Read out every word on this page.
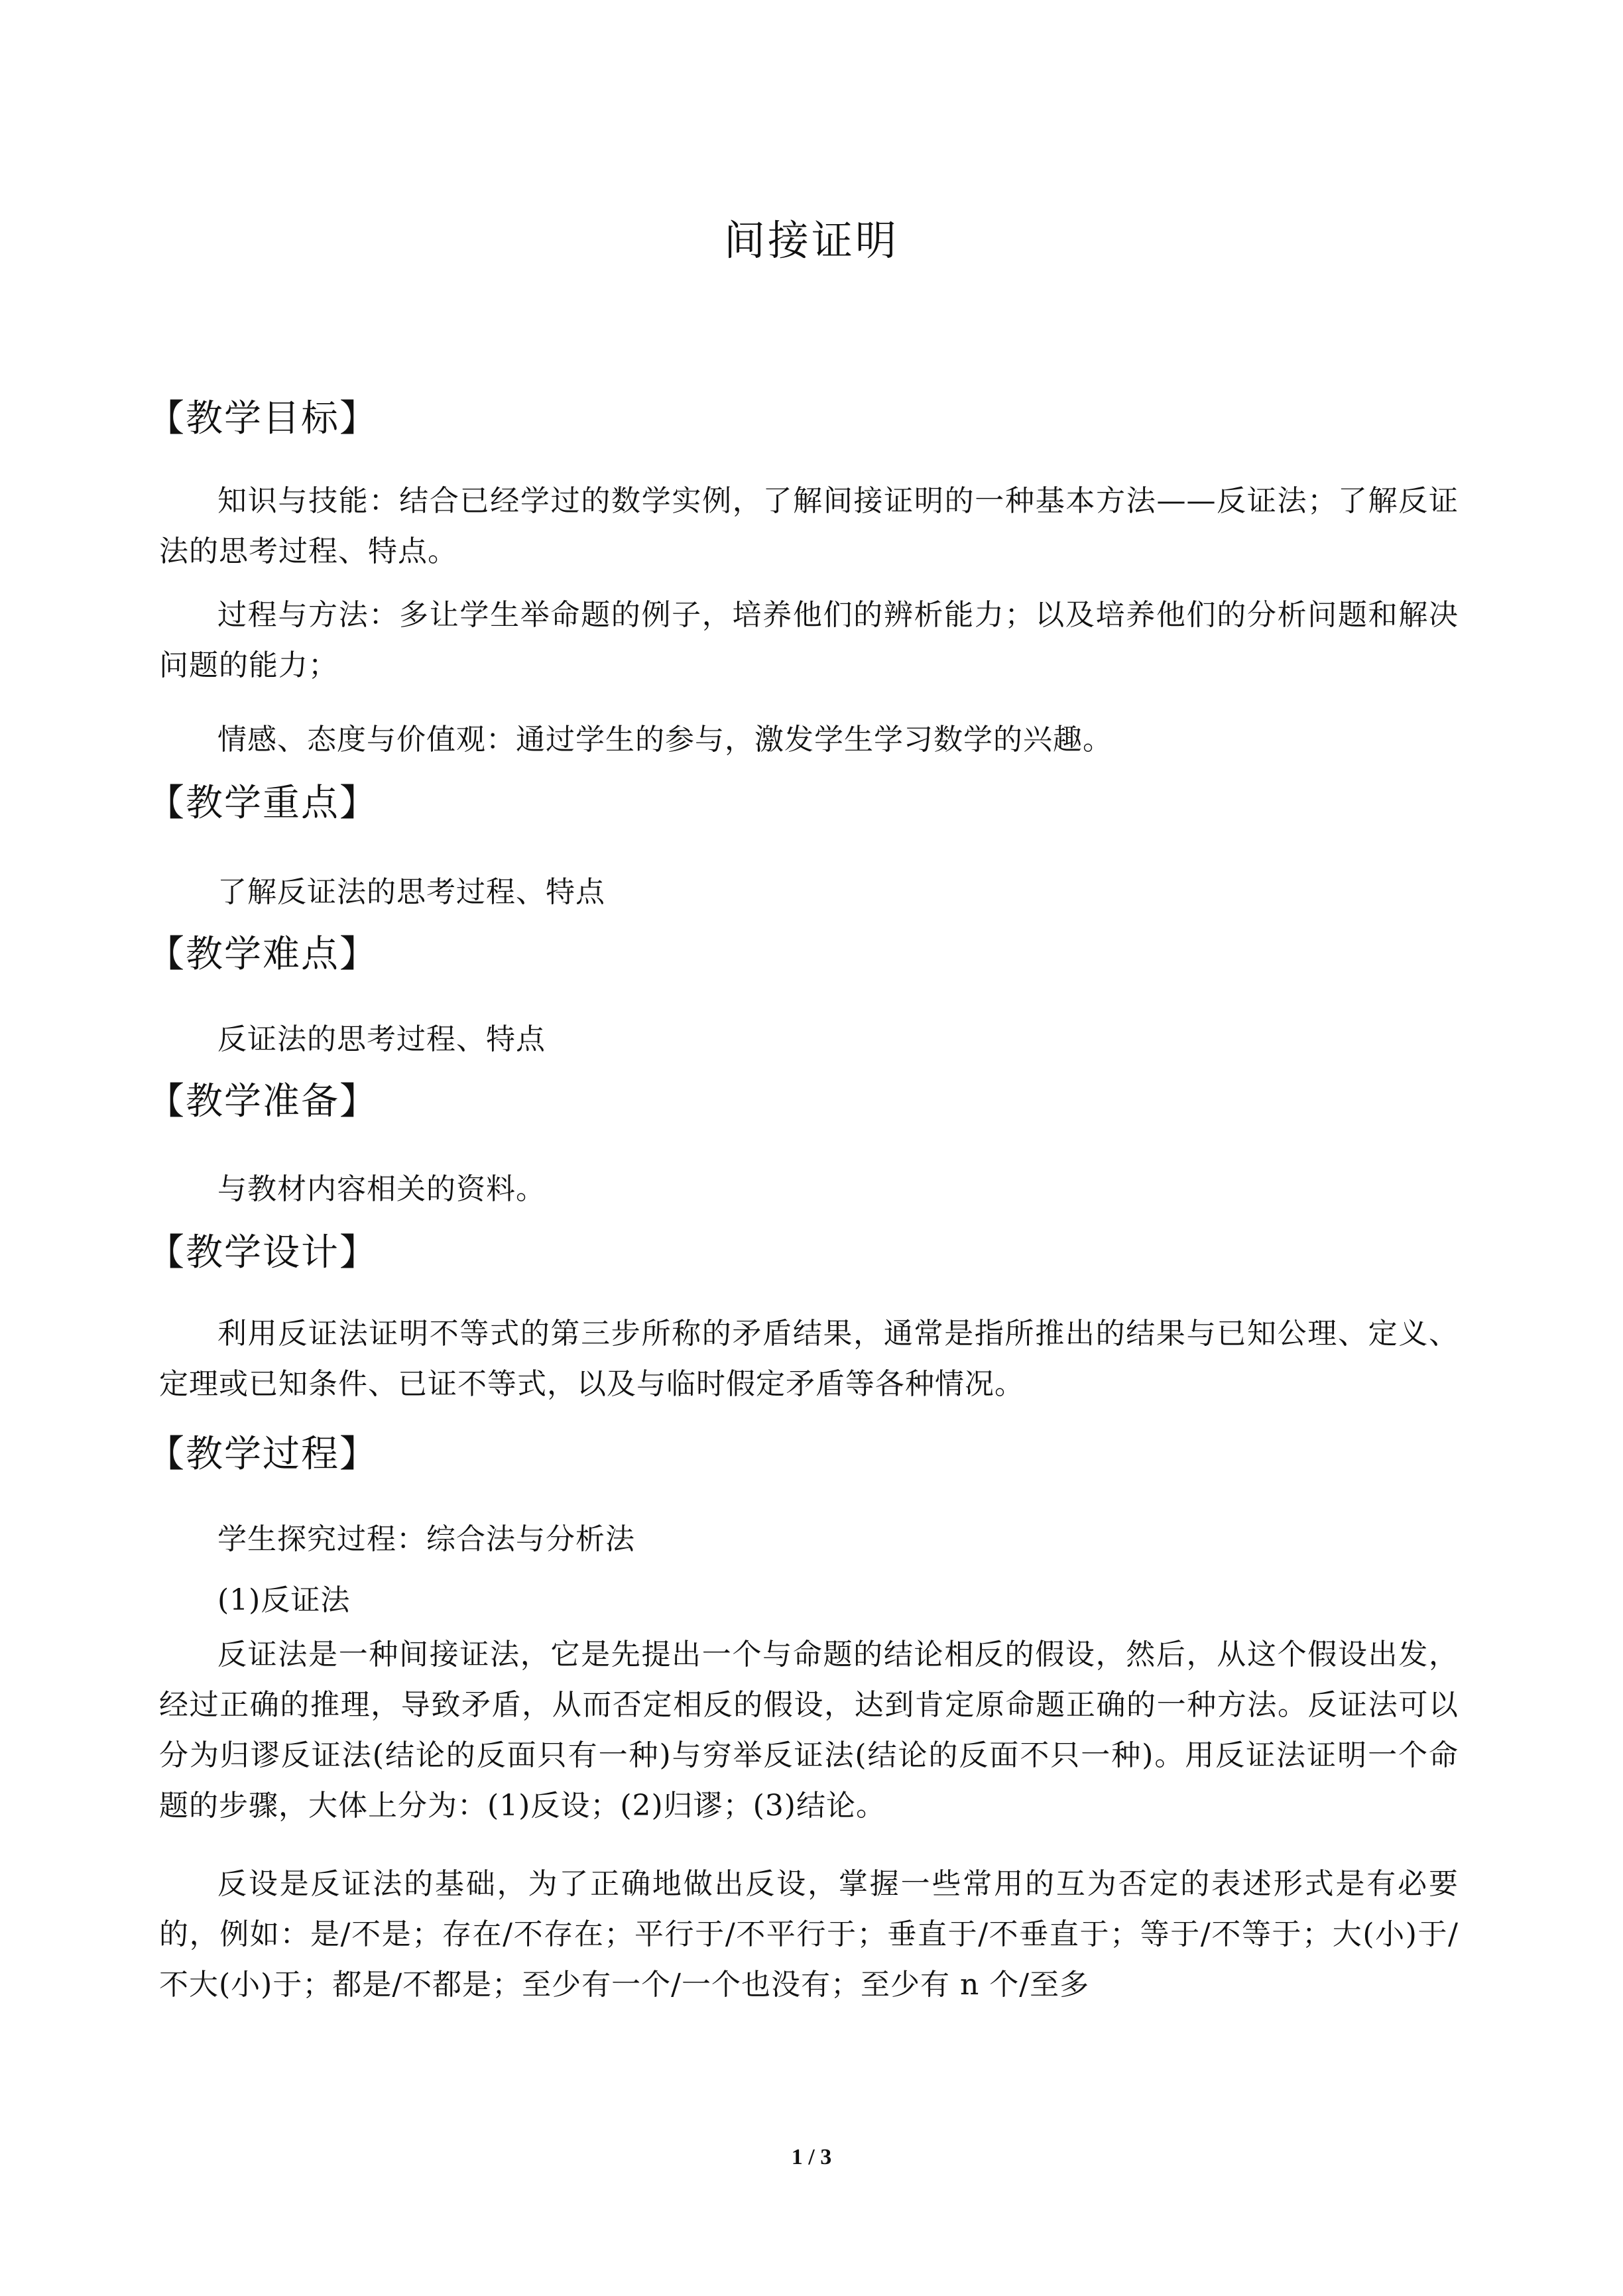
间接证明
【教学目标】
知识与技能：结合已经学过的数学实例，了解间接证明的一种基本方法——反证法；了解反证法的思考过程、特点。
过程与方法：多让学生举命题的例子，培养他们的辨析能力；以及培养他们的分析问题和解决问题的能力；
情感、态度与价值观：通过学生的参与，激发学生学习数学的兴趣。
【教学重点】
了解反证法的思考过程、特点
【教学难点】
反证法的思考过程、特点
【教学准备】
与教材内容相关的资料。
【教学设计】
利用反证法证明不等式的第三步所称的矛盾结果，通常是指所推出的结果与已知公理、定义、定理或已知条件、已证不等式，以及与临时假定矛盾等各种情况。
【教学过程】
学生探究过程：综合法与分析法
(1)反证法
反证法是一种间接证法，它是先提出一个与命题的结论相反的假设，然后，从这个假设出发，经过正确的推理，导致矛盾，从而否定相反的假设，达到肯定原命题正确的一种方法。反证法可以分为归谬反证法(结论的反面只有一种)与穷举反证法(结论的反面不只一种)。用反证法证明一个命题的步骤，大体上分为：(1)反设；(2)归谬；(3)结论。
反设是反证法的基础，为了正确地做出反设，掌握一些常用的互为否定的表述形式是有必要的，例如：是/不是；存在/不存在；平行于/不平行于；垂直于/不垂直于；等于/不等于；大(小)于/不大(小)于；都是/不都是；至少有一个/一个也没有；至少有 n 个/至多
1 / 3
